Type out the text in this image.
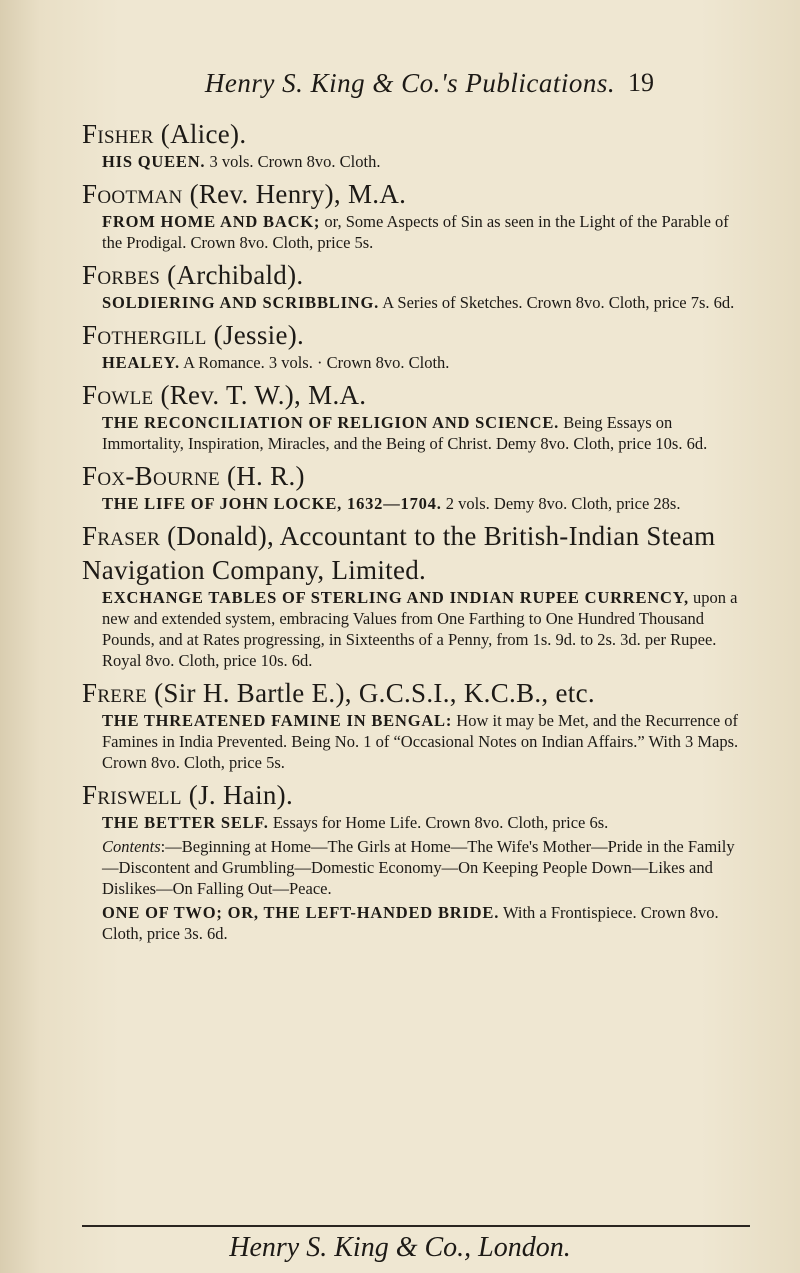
Henry S. King & Co.'s Publications. 19

Fisher (Alice).

HIS QUEEN. 3 vols. Crown 8vo. Cloth.

Footman (Rev. Henry), M.A.

FROM HOME AND BACK; or, Some Aspects of Sin as seen in the Light of the Parable of the Prodigal. Crown 8vo. Cloth, price 5s.

Forbes (Archibald).

SOLDIERING AND SCRIBBLING. A Series of Sketches. Crown 8vo. Cloth, price 7s. 6d.

Fothergill (Jessie).

HEALEY. A Romance. 3 vols. · Crown 8vo. Cloth.

Fowle (Rev. T. W.), M.A.

THE RECONCILIATION OF RELIGION AND SCIENCE. Being Essays on Immortality, Inspiration, Miracles, and the Being of Christ. Demy 8vo. Cloth, price 10s. 6d.

Fox-Bourne (H. R.)

THE LIFE OF JOHN LOCKE, 1632—1704. 2 vols. Demy 8vo. Cloth, price 28s.

Fraser (Donald), Accountant to the British-Indian Steam Navigation Company, Limited.

EXCHANGE TABLES OF STERLING AND INDIAN RUPEE CURRENCY, upon a new and extended system, embracing Values from One Farthing to One Hundred Thousand Pounds, and at Rates progressing, in Sixteenths of a Penny, from 1s. 9d. to 2s. 3d. per Rupee. Royal 8vo. Cloth, price 10s. 6d.

Frere (Sir H. Bartle E.), G.C.S.I., K.C.B., etc.

THE THREATENED FAMINE IN BENGAL: How it may be Met, and the Recurrence of Famines in India Prevented. Being No. 1 of “Occasional Notes on Indian Affairs.” With 3 Maps. Crown 8vo. Cloth, price 5s.

Friswell (J. Hain).

THE BETTER SELF. Essays for Home Life. Crown 8vo. Cloth, price 6s.

Contents:—Beginning at Home—The Girls at Home—The Wife's Mother—Pride in the Family—Discontent and Grumbling—Domestic Economy—On Keeping People Down—Likes and Dislikes—On Falling Out—Peace.

ONE OF TWO; OR, THE LEFT-HANDED BRIDE. With a Frontispiece. Crown 8vo. Cloth, price 3s. 6d.

Henry S. King & Co., London.
